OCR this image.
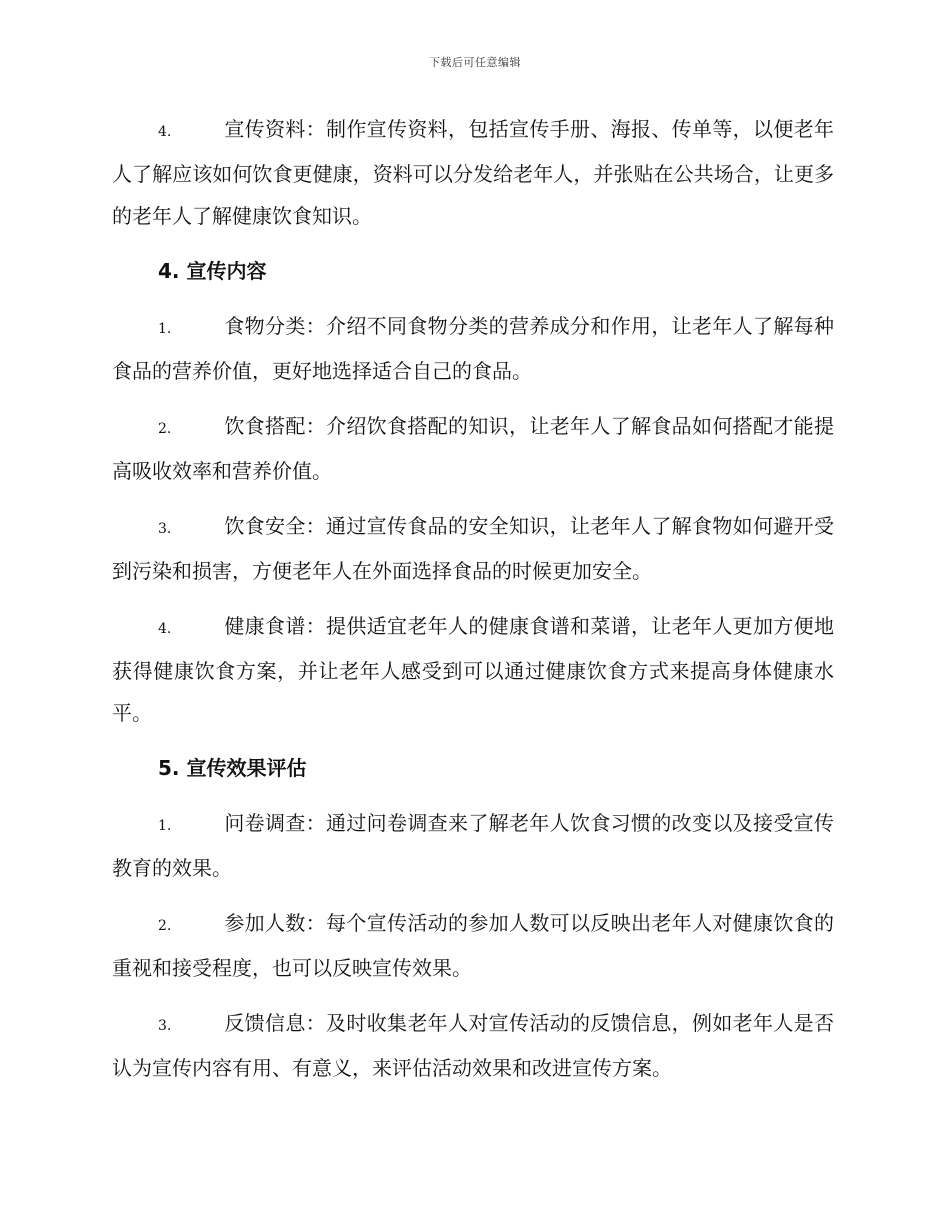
下载后可任意编辑

4.	宣传资料：制作宣传资料，包括宣传手册、海报、传单等，以便老年人了解应该如何饮食更健康，资料可以分发给老年人，并张贴在公共场合，让更多的老年人了解健康饮食知识。

4. 宣传内容

1.	食物分类：介绍不同食物分类的营养成分和作用，让老年人了解每种食品的营养价值，更好地选择适合自己的食品。

2.	饮食搭配：介绍饮食搭配的知识，让老年人了解食品如何搭配才能提高吸收效率和营养价值。

3.	饮食安全：通过宣传食品的安全知识，让老年人了解食物如何避开受到污染和损害，方便老年人在外面选择食品的时候更加安全。

4.	健康食谱：提供适宜老年人的健康食谱和菜谱，让老年人更加方便地获得健康饮食方案，并让老年人感受到可以通过健康饮食方式来提高身体健康水平。

5. 宣传效果评估

1.	问卷调查：通过问卷调查来了解老年人饮食习惯的改变以及接受宣传教育的效果。

2.	参加人数：每个宣传活动的参加人数可以反映出老年人对健康饮食的重视和接受程度，也可以反映宣传效果。

3.	反馈信息：及时收集老年人对宣传活动的反馈信息，例如老年人是否认为宣传内容有用、有意义，来评估活动效果和改进宣传方案。
